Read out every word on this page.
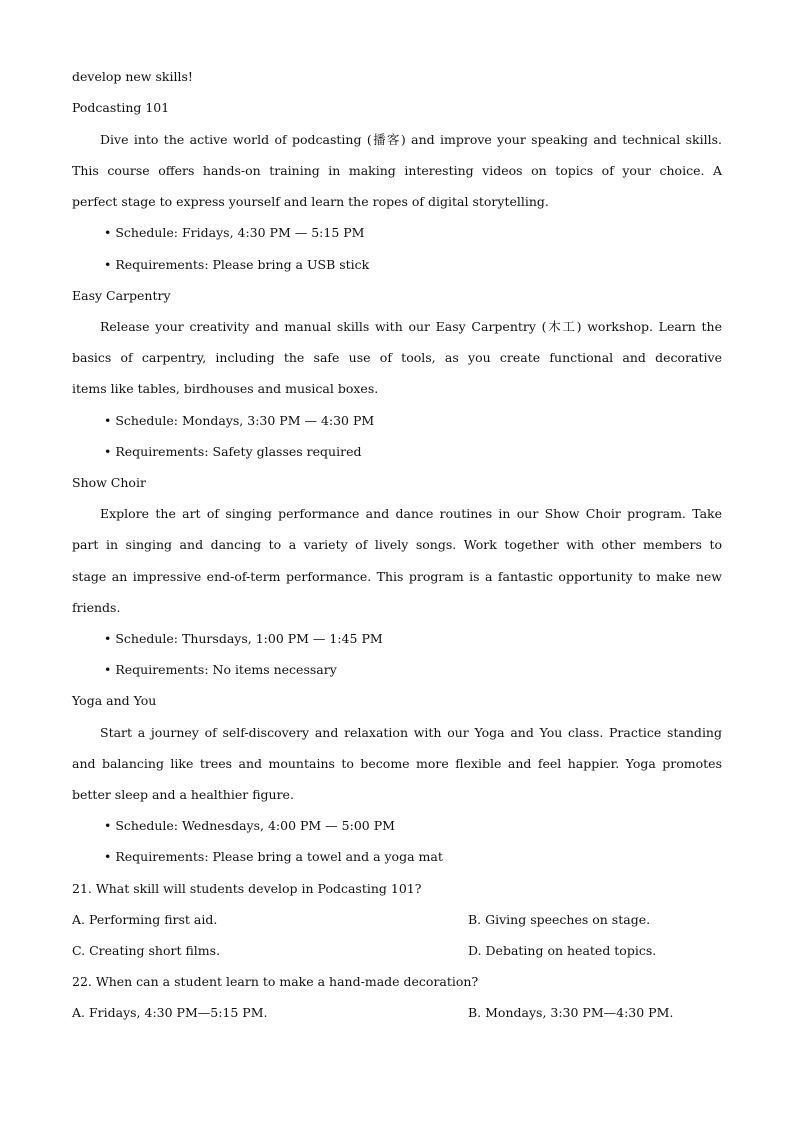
develop new skills!
Podcasting 101
Dive into the active world of podcasting (播客) and improve your speaking and technical skills.
This course offers hands-on training in making interesting videos on topics of your choice. A
perfect stage to express yourself and learn the ropes of digital storytelling.
• Schedule: Fridays, 4:30 PM — 5:15 PM
• Requirements: Please bring a USB stick
Easy Carpentry
Release your creativity and manual skills with our Easy Carpentry (木工) workshop. Learn the
basics of carpentry, including the safe use of tools, as you create functional and decorative
items like tables, birdhouses and musical boxes.
• Schedule: Mondays, 3:30 PM — 4:30 PM
• Requirements: Safety glasses required
Show Choir
Explore the art of singing performance and dance routines in our Show Choir program. Take
part in singing and dancing to a variety of lively songs. Work together with other members to
stage an impressive end-of-term performance. This program is a fantastic opportunity to make new
friends.
• Schedule: Thursdays, 1:00 PM — 1:45 PM
• Requirements: No items necessary
Yoga and You
Start a journey of self-discovery and relaxation with our Yoga and You class. Practice standing
and balancing like trees and mountains to become more flexible and feel happier. Yoga promotes
better sleep and a healthier figure.
• Schedule: Wednesdays, 4:00 PM — 5:00 PM
• Requirements: Please bring a towel and a yoga mat
21. What skill will students develop in Podcasting 101?
A. Performing first aid.	B. Giving speeches on stage.
C. Creating short films.	D. Debating on heated topics.
22. When can a student learn to make a hand-made decoration?
A. Fridays, 4:30 PM—5:15 PM.	B. Mondays, 3:30 PM—4:30 PM.
